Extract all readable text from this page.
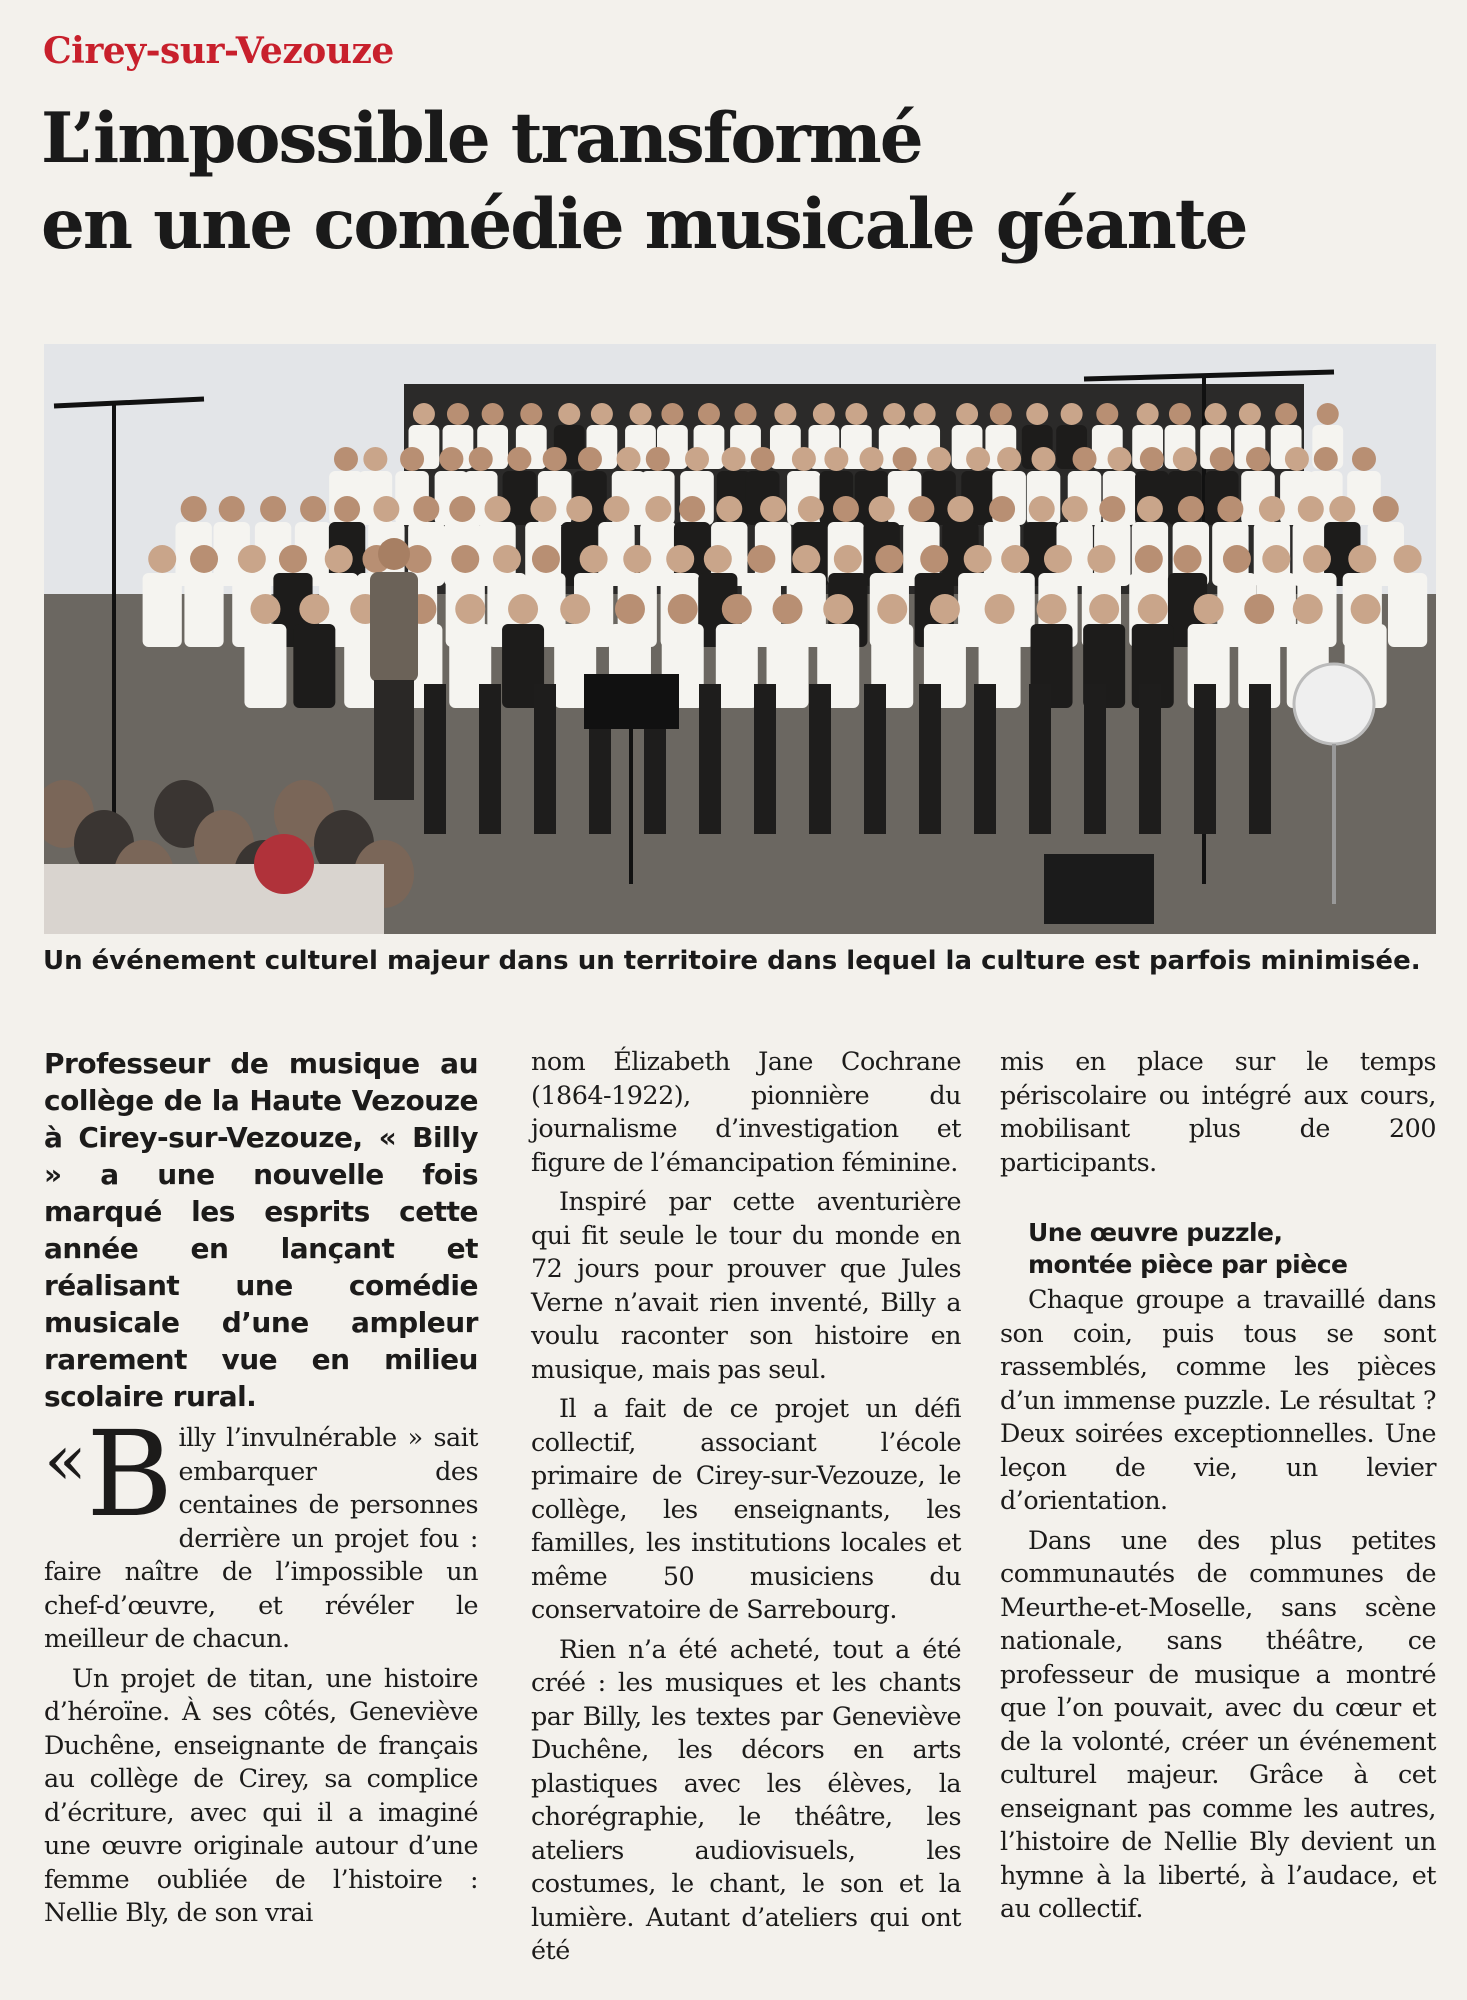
Cirey-sur-Vezouze
L’impossible transformé
en une comédie musicale géante

Un événement culturel majeur dans un territoire dans lequel la culture est parfois minimisée.

Professeur de musique au collège de la Haute Vezouze à Cirey-sur-Vezouze, « Billy » a une nouvelle fois marqué les esprits cette année en lançant et réalisant une comédie musicale d’une ampleur rarement vue en milieu scolaire rural.

«B illy l’invulnérable » sait embarquer des centaines de personnes derrière un projet fou : faire naître de l’impossible un chef-d’œuvre, et révéler le meilleur de chacun.

Un projet de titan, une histoire d’héroïne. À ses côtés, Geneviève Duchêne, enseignante de français au collège de Cirey, sa complice d’écriture, avec qui il a imaginé une œuvre originale autour d’une femme oubliée de l’histoire : Nellie Bly, de son vrai

nom Élizabeth Jane Cochrane (1864-1922), pionnière du journalisme d’investigation et figure de l’émancipation féminine.

Inspiré par cette aventurière qui fit seule le tour du monde en 72 jours pour prouver que Jules Verne n’avait rien inventé, Billy a voulu raconter son histoire en musique, mais pas seul.

Il a fait de ce projet un défi collectif, associant l’école primaire de Cirey-sur-Vezouze, le collège, les enseignants, les familles, les institutions locales et même 50 musiciens du conservatoire de Sarrebourg.

Rien n’a été acheté, tout a été créé : les musiques et les chants par Billy, les textes par Geneviève Duchêne, les décors en arts plastiques avec les élèves, la chorégraphie, le théâtre, les ateliers audiovisuels, les costumes, le chant, le son et la lumière. Autant d’ateliers qui ont été

mis en place sur le temps périscolaire ou intégré aux cours, mobilisant plus de 200 participants.

Une œuvre puzzle,
montée pièce par pièce

Chaque groupe a travaillé dans son coin, puis tous se sont rassemblés, comme les pièces d’un immense puzzle. Le résultat ? Deux soirées exceptionnelles. Une leçon de vie, un levier d’orientation.

Dans une des plus petites communautés de communes de Meurthe-et-Moselle, sans scène nationale, sans théâtre, ce professeur de musique a montré que l’on pouvait, avec du cœur et de la volonté, créer un événement culturel majeur. Grâce à cet enseignant pas comme les autres, l’histoire de Nellie Bly devient un hymne à la liberté, à l’audace, et au collectif.
